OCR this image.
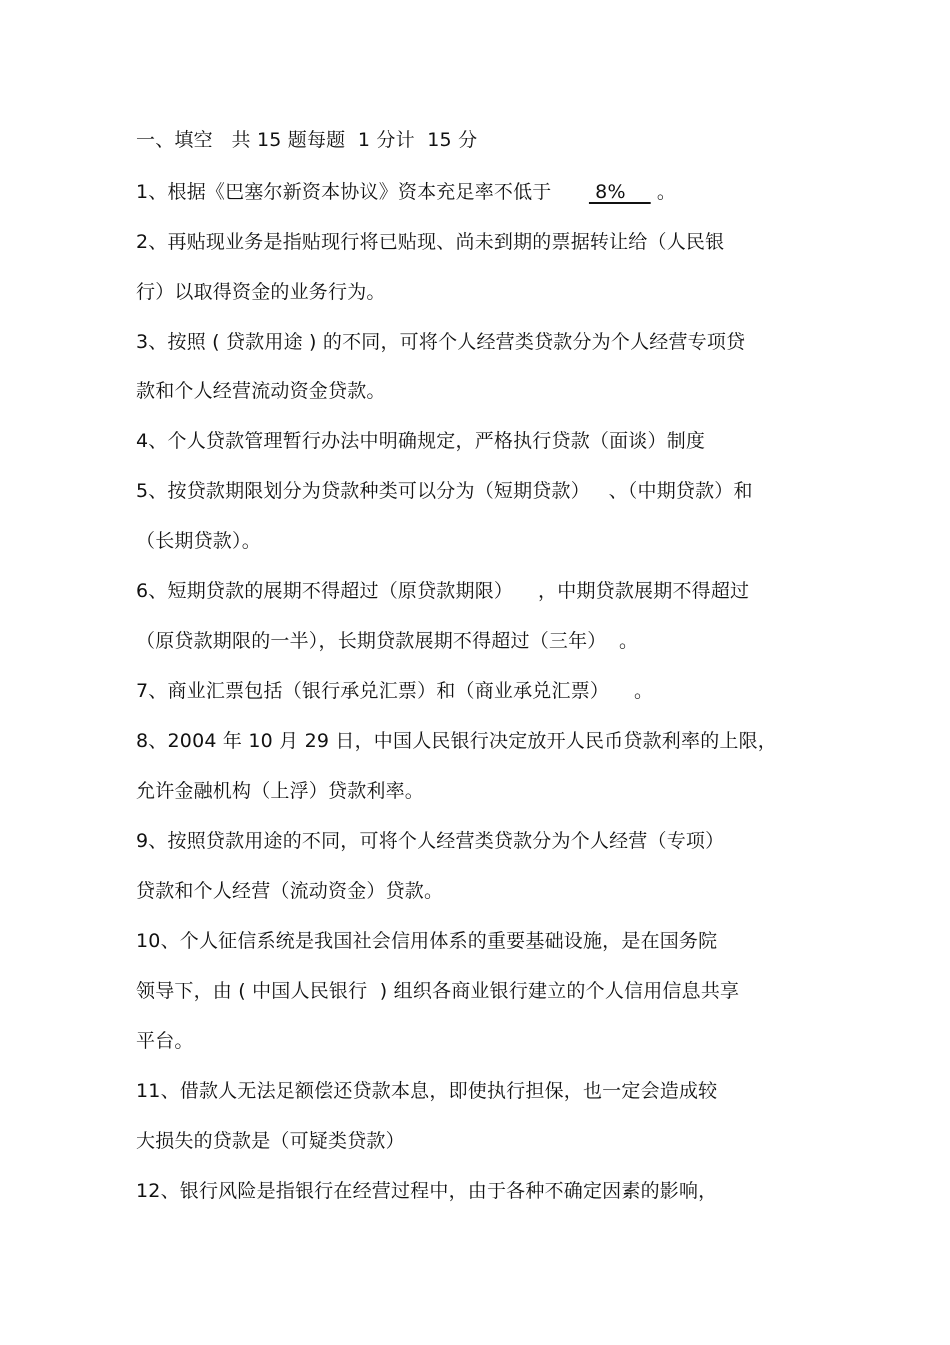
一、填空   共 15 题每题  1 分计  15 分
1、根据《巴塞尔新资本协议》资本充足率不低于       8%     。
2、再贴现业务是指贴现行将已贴现、尚未到期的票据转让给（人民银
行）以取得资金的业务行为。
3、按照 ( 贷款用途 ) 的不同，可将个人经营类贷款分为个人经营专项贷
款和个人经营流动资金贷款。
4、个人贷款管理暂行办法中明确规定，严格执行贷款（面谈）制度
5、按贷款期限划分为贷款种类可以分为（短期贷款）   、（中期贷款）和
（长期贷款）。
6、短期贷款的展期不得超过（原贷款期限）    ，中期贷款展期不得超过
（原贷款期限的一半），长期贷款展期不得超过（三年）  。
7、商业汇票包括（银行承兑汇票）和（商业承兑汇票）    。
8、2004 年 10 月 29 日，中国人民银行决定放开人民币贷款利率的上限，
允许金融机构（上浮）贷款利率。
9、按照贷款用途的不同，可将个人经营类贷款分为个人经营（专项）
贷款和个人经营（流动资金）贷款。
10、个人征信系统是我国社会信用体系的重要基础设施，是在国务院
领导下，由 ( 中国人民银行  ) 组织各商业银行建立的个人信用信息共享
平台。
11、借款人无法足额偿还贷款本息，即使执行担保，也一定会造成较
大损失的贷款是（可疑类贷款）
12、银行风险是指银行在经营过程中，由于各种不确定因素的影响，
